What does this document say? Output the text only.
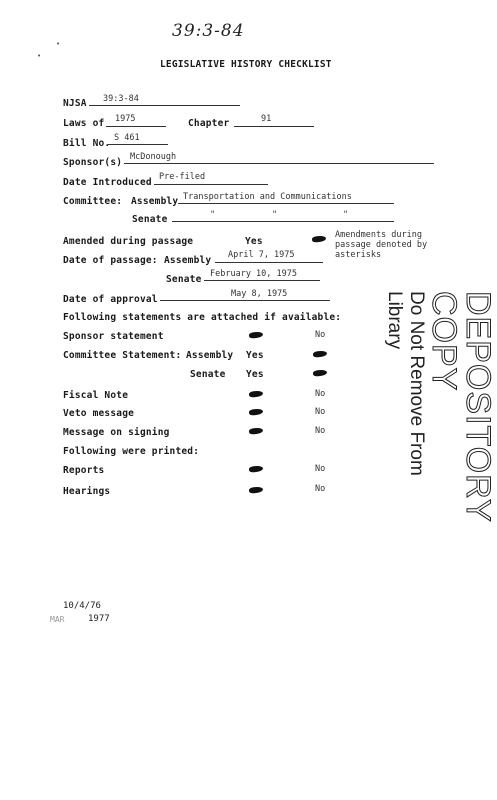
39:3-84
•
•
LEGISLATIVE HISTORY CHECKLIST
NJSA 39:3-84
Laws of 1975	Chapter	91
Bill No. S 461
Sponsor(s) McDonough
Date Introduced Pre-filed
Committee: Assembly Transportation and Communications
Senate	"	"	"
Amended during passage	Yes
Amendments during
passage denoted by
asterisks
Date of passage: Assembly April 7, 1975
Senate February 10, 1975
Date of approval	May 8, 1975
Following statements are attached if available:
Sponsor statement	No
Committee Statement: Assembly Yes
Senate Yes
Fiscal Note	No
Veto message	No
Message on signing	No
Following were printed:
Reports	No
Hearings	No	DEPOSITORY COPY
Do Not Remove From Library
10/4/76
MAR	1977
